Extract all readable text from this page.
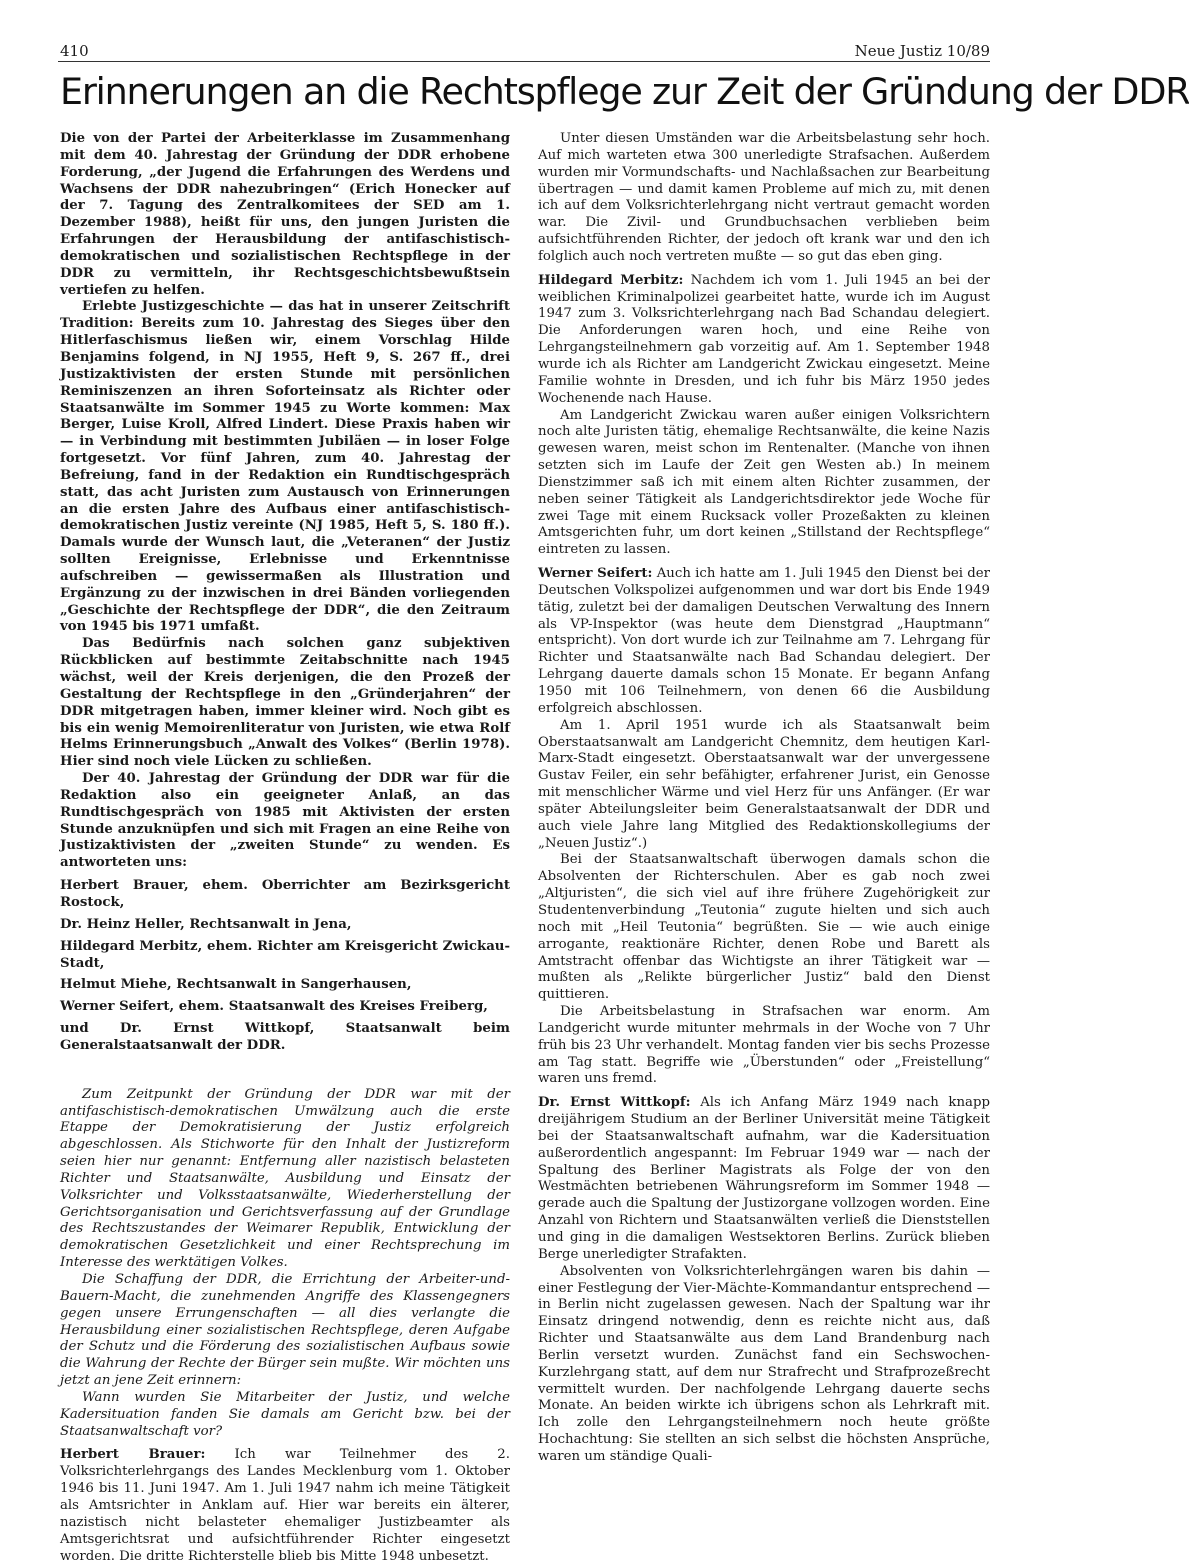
410	Neue Justiz 10/89
Erinnerungen an die Rechtspflege zur Zeit der Gründung der DDR

Die von der Partei der Arbeiterklasse im Zusammenhang mit dem 40. Jahrestag der Gründung der DDR erhobene Forderung, „der Jugend die Erfahrungen des Werdens und Wachsens der DDR nahezubringen“ (Erich Honecker auf der 7. Tagung des Zentralkomitees der SED am 1. Dezember 1988), heißt für uns, den jungen Juristen die Erfahrungen der Herausbildung der antifaschistisch-demokratischen und sozialistischen Rechtspflege in der DDR zu vermitteln, ihr Rechtsgeschichtsbewußtsein vertiefen zu helfen.

Erlebte Justizgeschichte — das hat in unserer Zeitschrift Tradition: Bereits zum 10. Jahrestag des Sieges über den Hitlerfaschismus ließen wir, einem Vorschlag Hilde Benjamins folgend, in NJ 1955, Heft 9, S. 267 ff., drei Justizaktivisten der ersten Stunde mit persönlichen Reminiszenzen an ihren Soforteinsatz als Richter oder Staatsanwälte im Sommer 1945 zu Worte kommen: Max Berger, Luise Kroll, Alfred Lindert. Diese Praxis haben wir — in Verbindung mit bestimmten Jubiläen — in loser Folge fortgesetzt. Vor fünf Jahren, zum 40. Jahrestag der Befreiung, fand in der Redaktion ein Rundtischgespräch statt, das acht Juristen zum Austausch von Erinnerungen an die ersten Jahre des Aufbaus einer antifaschistisch-demokratischen Justiz vereinte (NJ 1985, Heft 5, S. 180 ff.). Damals wurde der Wunsch laut, die „Veteranen“ der Justiz sollten Ereignisse, Erlebnisse und Erkenntnisse aufschreiben — gewissermaßen als Illustration und Ergänzung zu der inzwischen in drei Bänden vorliegenden „Geschichte der Rechtspflege der DDR“, die den Zeitraum von 1945 bis 1971 umfaßt.

Das Bedürfnis nach solchen ganz subjektiven Rückblicken auf bestimmte Zeitabschnitte nach 1945 wächst, weil der Kreis derjenigen, die den Prozeß der Gestaltung der Rechtspflege in den „Gründerjahren“ der DDR mitgetragen haben, immer kleiner wird. Noch gibt es bis ein wenig Memoirenliteratur von Juristen, wie etwa Rolf Helms Erinnerungsbuch „Anwalt des Volkes“ (Berlin 1978). Hier sind noch viele Lücken zu schließen.

Der 40. Jahrestag der Gründung der DDR war für die Redaktion also ein geeigneter Anlaß, an das Rundtischgespräch von 1985 mit Aktivisten der ersten Stunde anzuknüpfen und sich mit Fragen an eine Reihe von Justizaktivisten der „zweiten Stunde“ zu wenden. Es antworteten uns:

Herbert Brauer, ehem. Oberrichter am Bezirksgericht Rostock,

Dr. Heinz Heller, Rechtsanwalt in Jena,

Hildegard Merbitz, ehem. Richter am Kreisgericht Zwickau-Stadt,

Helmut Miehe, Rechtsanwalt in Sangerhausen,

Werner Seifert, ehem. Staatsanwalt des Kreises Freiberg,

und Dr. Ernst Wittkopf, Staatsanwalt beim Generalstaatsanwalt der DDR.

Zum Zeitpunkt der Gründung der DDR war mit der antifaschistisch-demokratischen Umwälzung auch die erste Etappe der Demokratisierung der Justiz erfolgreich abgeschlossen. Als Stichworte für den Inhalt der Justizreform seien hier nur genannt: Entfernung aller nazistisch belasteten Richter und Staatsanwälte, Ausbildung und Einsatz der Volksrichter und Volksstaatsanwälte, Wiederherstellung der Gerichtsorganisation und Gerichtsverfassung auf der Grundlage des Rechtszustandes der Weimarer Republik, Entwicklung der demokratischen Gesetzlichkeit und einer Rechtsprechung im Interesse des werktätigen Volkes.

Die Schaffung der DDR, die Errichtung der Arbeiter-und-Bauern-Macht, die zunehmenden Angriffe des Klassengegners gegen unsere Errungenschaften — all dies verlangte die Herausbildung einer sozialistischen Rechtspflege, deren Aufgabe der Schutz und die Förderung des sozialistischen Aufbaus sowie die Wahrung der Rechte der Bürger sein mußte. Wir möchten uns jetzt an jene Zeit erinnern:

Wann wurden Sie Mitarbeiter der Justiz, und welche Kadersituation fanden Sie damals am Gericht bzw. bei der Staatsanwaltschaft vor?

Herbert Brauer: Ich war Teilnehmer des 2. Volksrichterlehrgangs des Landes Mecklenburg vom 1. Oktober 1946 bis 11. Juni 1947. Am 1. Juli 1947 nahm ich meine Tätigkeit als Amtsrichter in Anklam auf. Hier war bereits ein älterer, nazistisch nicht belasteter ehemaliger Justizbeamter als Amtsgerichtsrat und aufsichtführender Richter eingesetzt worden. Die dritte Richterstelle blieb bis Mitte 1948 unbesetzt.

Unter diesen Umständen war die Arbeitsbelastung sehr hoch. Auf mich warteten etwa 300 unerledigte Strafsachen. Außerdem wurden mir Vormundschafts- und Nachlaßsachen zur Bearbeitung übertragen — und damit kamen Probleme auf mich zu, mit denen ich auf dem Volksrichterlehrgang nicht vertraut gemacht worden war. Die Zivil- und Grundbuchsachen verblieben beim aufsichtführenden Richter, der jedoch oft krank war und den ich folglich auch noch vertreten mußte — so gut das eben ging.

Hildegard Merbitz: Nachdem ich vom 1. Juli 1945 an bei der weiblichen Kriminalpolizei gearbeitet hatte, wurde ich im August 1947 zum 3. Volksrichterlehrgang nach Bad Schandau delegiert. Die Anforderungen waren hoch, und eine Reihe von Lehrgangsteilnehmern gab vorzeitig auf. Am 1. September 1948 wurde ich als Richter am Landgericht Zwickau eingesetzt. Meine Familie wohnte in Dresden, und ich fuhr bis März 1950 jedes Wochenende nach Hause.

Am Landgericht Zwickau waren außer einigen Volksrichtern noch alte Juristen tätig, ehemalige Rechtsanwälte, die keine Nazis gewesen waren, meist schon im Rentenalter. (Manche von ihnen setzten sich im Laufe der Zeit gen Westen ab.) In meinem Dienstzimmer saß ich mit einem alten Richter zusammen, der neben seiner Tätigkeit als Landgerichtsdirektor jede Woche für zwei Tage mit einem Rucksack voller Prozeßakten zu kleinen Amtsgerichten fuhr, um dort keinen „Stillstand der Rechtspflege“ eintreten zu lassen.

Werner Seifert: Auch ich hatte am 1. Juli 1945 den Dienst bei der Deutschen Volkspolizei aufgenommen und war dort bis Ende 1949 tätig, zuletzt bei der damaligen Deutschen Verwaltung des Innern als VP-Inspektor (was heute dem Dienstgrad „Hauptmann“ entspricht). Von dort wurde ich zur Teilnahme am 7. Lehrgang für Richter und Staatsanwälte nach Bad Schandau delegiert. Der Lehrgang dauerte damals schon 15 Monate. Er begann Anfang 1950 mit 106 Teilnehmern, von denen 66 die Ausbildung erfolgreich abschlossen.

Am 1. April 1951 wurde ich als Staatsanwalt beim Oberstaatsanwalt am Landgericht Chemnitz, dem heutigen Karl-Marx-Stadt eingesetzt. Oberstaatsanwalt war der unvergessene Gustav Feiler, ein sehr befähigter, erfahrener Jurist, ein Genosse mit menschlicher Wärme und viel Herz für uns Anfänger. (Er war später Abteilungsleiter beim Generalstaatsanwalt der DDR und auch viele Jahre lang Mitglied des Redaktionskollegiums der „Neuen Justiz“.)

Bei der Staatsanwaltschaft überwogen damals schon die Absolventen der Richterschulen. Aber es gab noch zwei „Altjuristen“, die sich viel auf ihre frühere Zugehörigkeit zur Studentenverbindung „Teutonia“ zugute hielten und sich auch noch mit „Heil Teutonia“ begrüßten. Sie — wie auch einige arrogante, reaktionäre Richter, denen Robe und Barett als Amtstracht offenbar das Wichtigste an ihrer Tätigkeit war — mußten als „Relikte bürgerlicher Justiz“ bald den Dienst quittieren.

Die Arbeitsbelastung in Strafsachen war enorm. Am Landgericht wurde mitunter mehrmals in der Woche von 7 Uhr früh bis 23 Uhr verhandelt. Montag fanden vier bis sechs Prozesse am Tag statt. Begriffe wie „Überstunden“ oder „Freistellung“ waren uns fremd.

Dr. Ernst Wittkopf: Als ich Anfang März 1949 nach knapp dreijährigem Studium an der Berliner Universität meine Tätigkeit bei der Staatsanwaltschaft aufnahm, war die Kadersituation außerordentlich angespannt: Im Februar 1949 war — nach der Spaltung des Berliner Magistrats als Folge der von den Westmächten betriebenen Währungsreform im Sommer 1948 — gerade auch die Spaltung der Justizorgane vollzogen worden. Eine Anzahl von Richtern und Staatsanwälten verließ die Dienststellen und ging in die damaligen Westsektoren Berlins. Zurück blieben Berge unerledigter Strafakten.

Absolventen von Volksrichterlehrgängen waren bis dahin — einer Festlegung der Vier-Mächte-Kommandantur entsprechend — in Berlin nicht zugelassen gewesen. Nach der Spaltung war ihr Einsatz dringend notwendig, denn es reichte nicht aus, daß Richter und Staatsanwälte aus dem Land Brandenburg nach Berlin versetzt wurden. Zunächst fand ein Sechswochen-Kurzlehrgang statt, auf dem nur Strafrecht und Strafprozeßrecht vermittelt wurden. Der nachfolgende Lehrgang dauerte sechs Monate. An beiden wirkte ich übrigens schon als Lehrkraft mit. Ich zolle den Lehrgangsteilnehmern noch heute größte Hochachtung: Sie stellten an sich selbst die höchsten Ansprüche, waren um ständige Quali-
